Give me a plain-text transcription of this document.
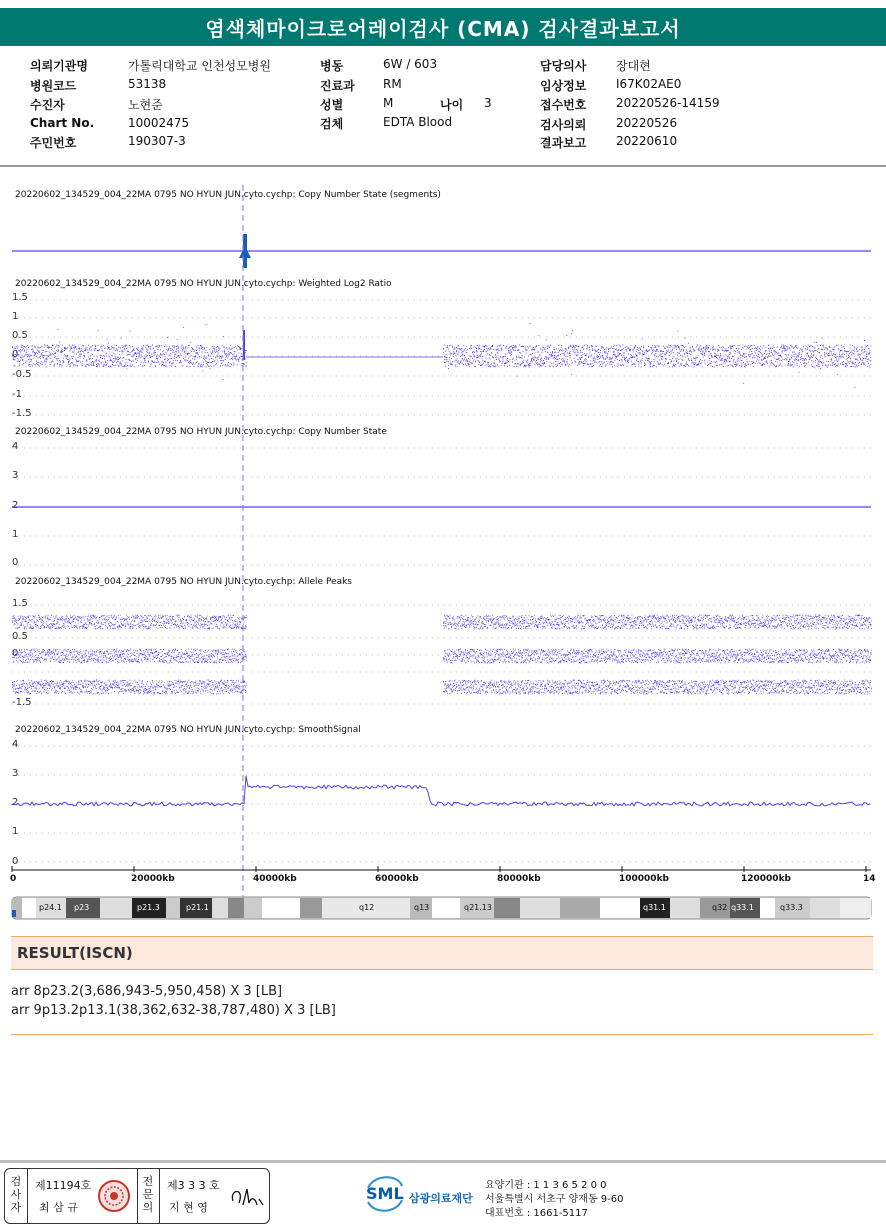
염색체마이크로어레이검사 (CMA) 검사결과보고서
의뢰기관명	가톨릭대학교 인천성모병원
병원코드	53138
수진자	노현준
Chart No.	10002475
주민번호	190307-3
병동	6W / 603
진료과 RM
성별	M	나이 3
검체	EDTA Blood
담당의사 장대현
임상정보 I67K02AE0
접수번호 20220526-14159
검사의뢰 20220526
결과보고 20220610
20220602_134529_004_22MA 0795 NO HYUN JUN.cyto.cychp: Copy Number State (segments)
20220602_134529_004_22MA 0795 NO HYUN JUN.cyto.cychp: Weighted Log2 Ratio
20220602_134529_004_22MA 0795 NO HYUN JUN.cyto.cychp: Copy Number State
20220602_134529_004_22MA 0795 NO HYUN JUN.cyto.cychp: Allele Peaks
20220602_134529_004_22MA 0795 NO HYUN JUN.cyto.cychp: SmoothSignal
1.5
1
0.5
0
-0.5
-1
-1.5
4
3
2
1
0
1.5
0.5
0
-1.5
4
3
2
1
0
0	20000kb	40000kb	60000kb	80000kb	100000kb	120000kb	14
p24.1 p23	p21.3	p21.1	q12	q13	q21.13	q31.1	q32 q33.1	q33.3
RESULT(ISCN)
arr 8p23.2(3,686,943-5,950,458) X 3 [LB]
arr 9p13.2p13.1(38,362,632-38,787,480) X 3 [LB]
검사자
제11194호
최 삼 규
전문의
제3 3 3 호
지 현 영
SML 삼광의료재단
요양기관 : 1 1 3 6 5 2 0 0
서울특별시 서초구 양재동 9-60
대표번호 : 1661-5117
